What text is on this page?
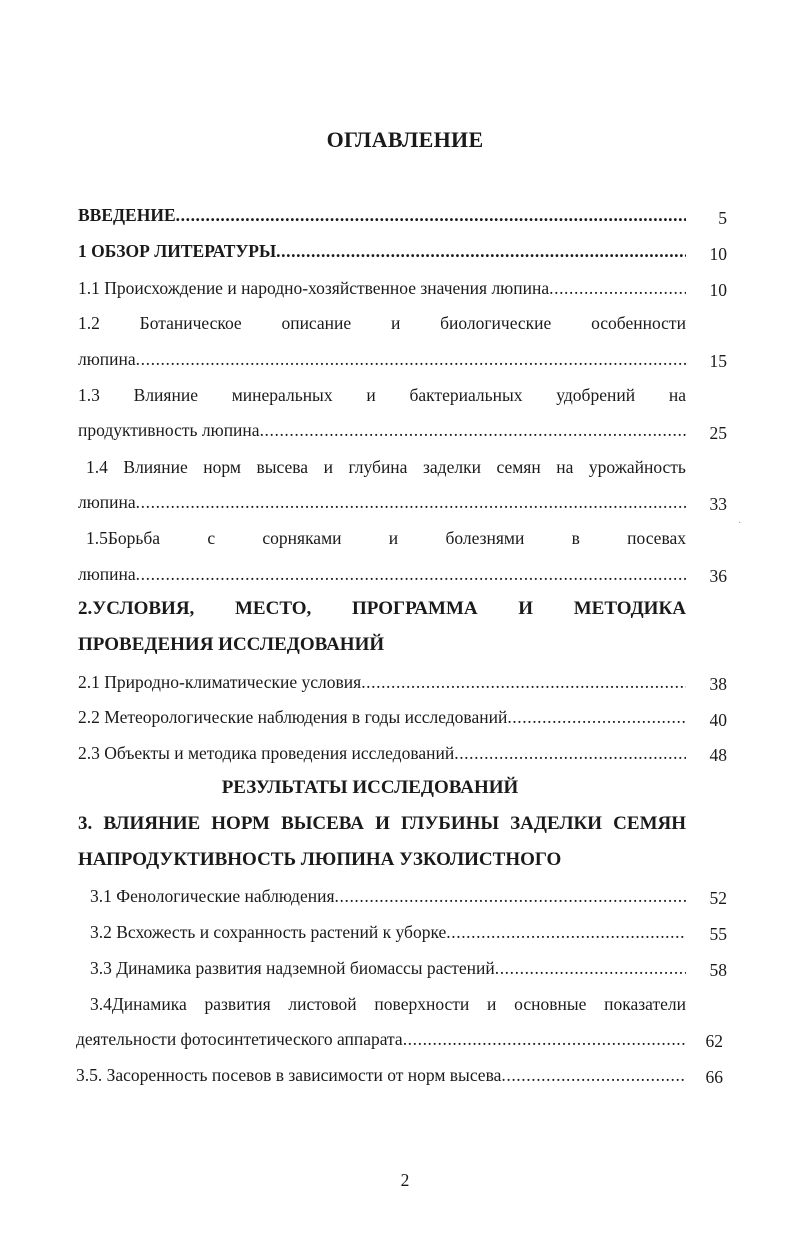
ОГЛАВЛЕНИЕ
ВВЕДЕНИЕ .....	5
1 ОБЗОР ЛИТЕРАТУРЫ .....	10
1.1 Происхождение и народно-хозяйственное значения люпина .....	10
1.2 Ботаническое описание и биологические особенности
люпина .....	15
1.3 Влияние минеральных и бактериальных удобрений на
продуктивность люпина .....	25
1.4 Влияние норм высева и глубина заделки семян на урожайность
люпина .....	33
1.5Борьба	с	сорняками	и	болезнями	в	посевах
·
люпина .....	36
2.УСЛОВИЯ, МЕСТО, ПРОГРАММА И МЕТОДИКА
ПРОВЕДЕНИЯ ИССЛЕДОВАНИЙ
2.1 Природно-климатические условия .....	38
2.2 Метеорологические наблюдения в годы исследований .....	40
2.3 Объекты и методика проведения исследований .....	48
РЕЗУЛЬТАТЫ ИССЛЕДОВАНИЙ
3. ВЛИЯНИЕ НОРМ ВЫСЕВА И ГЛУБИНЫ ЗАДЕЛКИ СЕМЯН
НАПРОДУКТИВНОСТЬ ЛЮПИНА УЗКОЛИСТНОГО
3.1 Фенологические наблюдения .....	52
3.2 Всхожесть и сохранность растений к уборке .....	55
3.3 Динамика развития надземной биомассы растений .....	58
3.4Динамика развития листовой поверхности и основные показатели
деятельности фотосинтетического аппарата .....	62
3.5. Засоренность посевов в зависимости от норм высева .....	66
2
